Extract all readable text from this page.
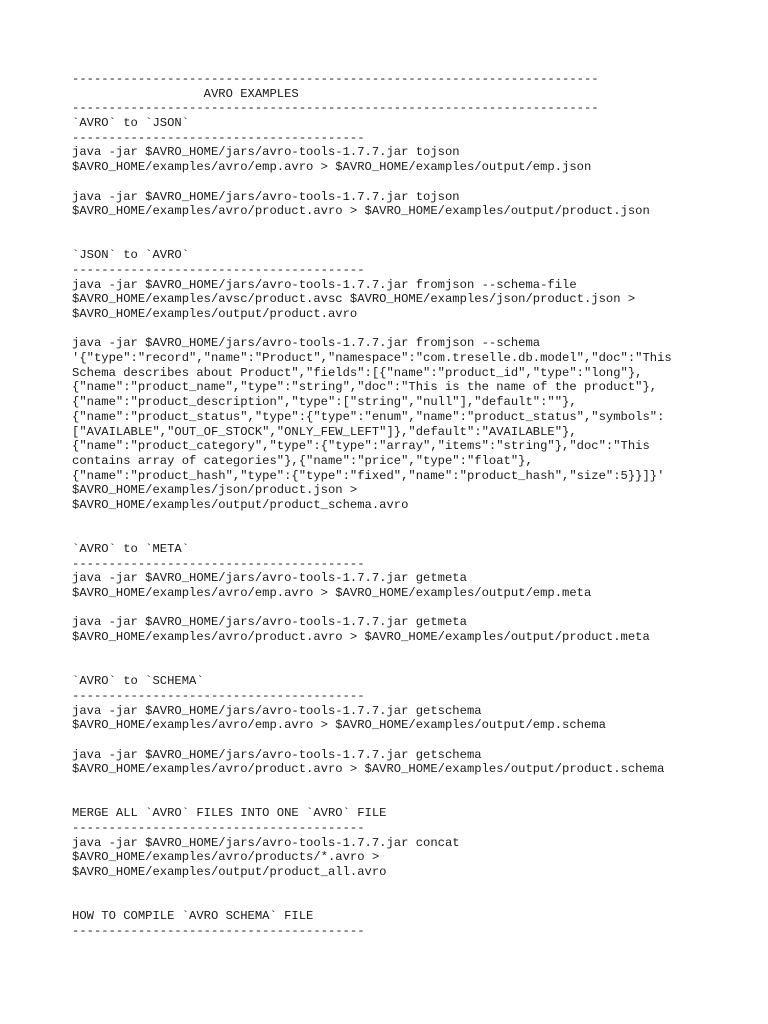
------------------------------------------------------------------------
AVRO EXAMPLES
------------------------------------------------------------------------
`AVRO` to `JSON`
----------------------------------------
java -jar $AVRO_HOME/jars/avro-tools-1.7.7.jar tojson
$AVRO_HOME/examples/avro/emp.avro > $AVRO_HOME/examples/output/emp.json
java -jar $AVRO_HOME/jars/avro-tools-1.7.7.jar tojson
$AVRO_HOME/examples/avro/product.avro > $AVRO_HOME/examples/output/product.json
`JSON` to `AVRO`
----------------------------------------
java -jar $AVRO_HOME/jars/avro-tools-1.7.7.jar fromjson --schema-file
$AVRO_HOME/examples/avsc/product.avsc $AVRO_HOME/examples/json/product.json >
$AVRO_HOME/examples/output/product.avro
java -jar $AVRO_HOME/jars/avro-tools-1.7.7.jar fromjson --schema
'{"type":"record","name":"Product","namespace":"com.treselle.db.model","doc":"This
Schema describes about Product","fields":[{"name":"product_id","type":"long"},
{"name":"product_name","type":"string","doc":"This is the name of the product"},
{"name":"product_description","type":["string","null"],"default":""},
{"name":"product_status","type":{"type":"enum","name":"product_status","symbols":
["AVAILABLE","OUT_OF_STOCK","ONLY_FEW_LEFT"]},"default":"AVAILABLE"},
{"name":"product_category","type":{"type":"array","items":"string"},"doc":"This
contains array of categories"},{"name":"price","type":"float"},
{"name":"product_hash","type":{"type":"fixed","name":"product_hash","size":5}}]}'
$AVRO_HOME/examples/json/product.json >
$AVRO_HOME/examples/output/product_schema.avro
`AVRO` to `META`
----------------------------------------
java -jar $AVRO_HOME/jars/avro-tools-1.7.7.jar getmeta
$AVRO_HOME/examples/avro/emp.avro > $AVRO_HOME/examples/output/emp.meta
java -jar $AVRO_HOME/jars/avro-tools-1.7.7.jar getmeta
$AVRO_HOME/examples/avro/product.avro > $AVRO_HOME/examples/output/product.meta
`AVRO` to `SCHEMA`
----------------------------------------
java -jar $AVRO_HOME/jars/avro-tools-1.7.7.jar getschema
$AVRO_HOME/examples/avro/emp.avro > $AVRO_HOME/examples/output/emp.schema
java -jar $AVRO_HOME/jars/avro-tools-1.7.7.jar getschema
$AVRO_HOME/examples/avro/product.avro > $AVRO_HOME/examples/output/product.schema
MERGE ALL `AVRO` FILES INTO ONE `AVRO` FILE
----------------------------------------
java -jar $AVRO_HOME/jars/avro-tools-1.7.7.jar concat
$AVRO_HOME/examples/avro/products/*.avro >
$AVRO_HOME/examples/output/product_all.avro
HOW TO COMPILE `AVRO SCHEMA` FILE
----------------------------------------
